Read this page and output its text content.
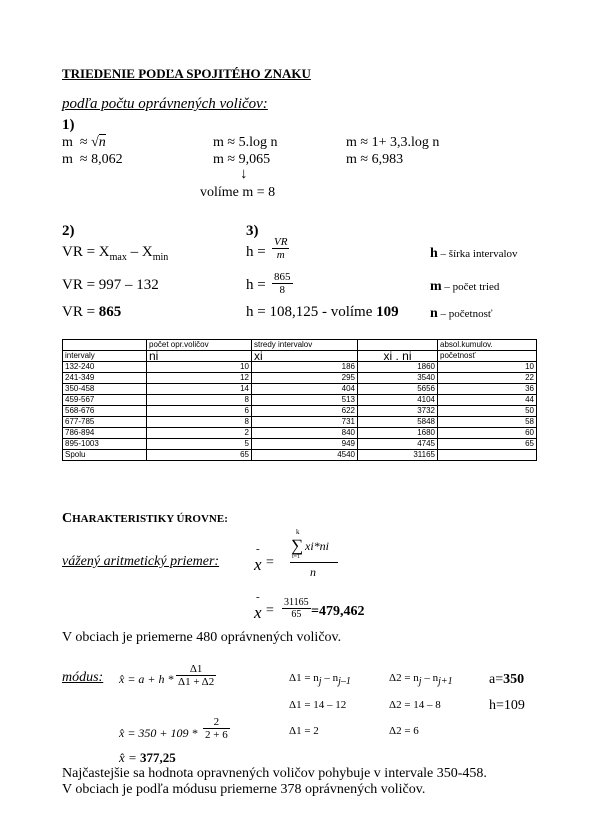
TRIEDENIE PODĽA SPOJITÉHO ZNAKU
podľa počtu oprávnených voličov:
1)
m ≈ √n	m ≈ 5.log n	m ≈ 1+ 3,3.log n
m ≈ 8,062	m ≈ 9,065	m ≈ 6,983
↓
volíme m = 8
2)
VR = $X_{max} - X_{min}$
VR = 997 – 132
VR = 865
3)
$h = \frac{VR}{m}$
$h = \frac{865}{8}$
h = 108,125 - volíme 109
h – šírka intervalov
m – počet tried
n – početnosť
	počet opr.voličov	stredy intervalov		absol.kumulov.
intervaly	ni	xi	xi . ni	početnosť
132-240	10	186	1860	10
241-349	12	295	3540	22
350-458	14	404	5656	36
459-567	8	513	4104	44
568-676	6	622	3732	50
677-785	8	731	5848	58
786-894	2	840	1680	60
895-1003	5	949	4745	65
Spolu	65	4540	31165	
CHARAKTERISTIKY ÚROVNE:
vážený aritmetický priemer:
-
x =
k
∑
i=1
xi*ni
n
-
$x = \frac{31165}{65} =479,462$
V obciach je priemerne 480 oprávnených voličov.
módus: x̂ = $a + h * \frac{\Delta 1}{\Delta 1 + \Delta 2}$	$\Delta 1 = n_j - n_{j-1}$	$\Delta 2 = n_j - n_{j+1}$	a=350
Δ1 = 14 – 12	Δ2 = 14 – 8	h=109
x̂ = $350 + 109 * \frac{2}{2 + 6}$	Δ1 = 2	Δ2 = 6
x̂ = 377,25
Najčastejšie sa hodnota opravnených voličov pohybuje v intervale 350-458.
V obciach je podľa módusu priemerne 378 oprávnených voličov.
